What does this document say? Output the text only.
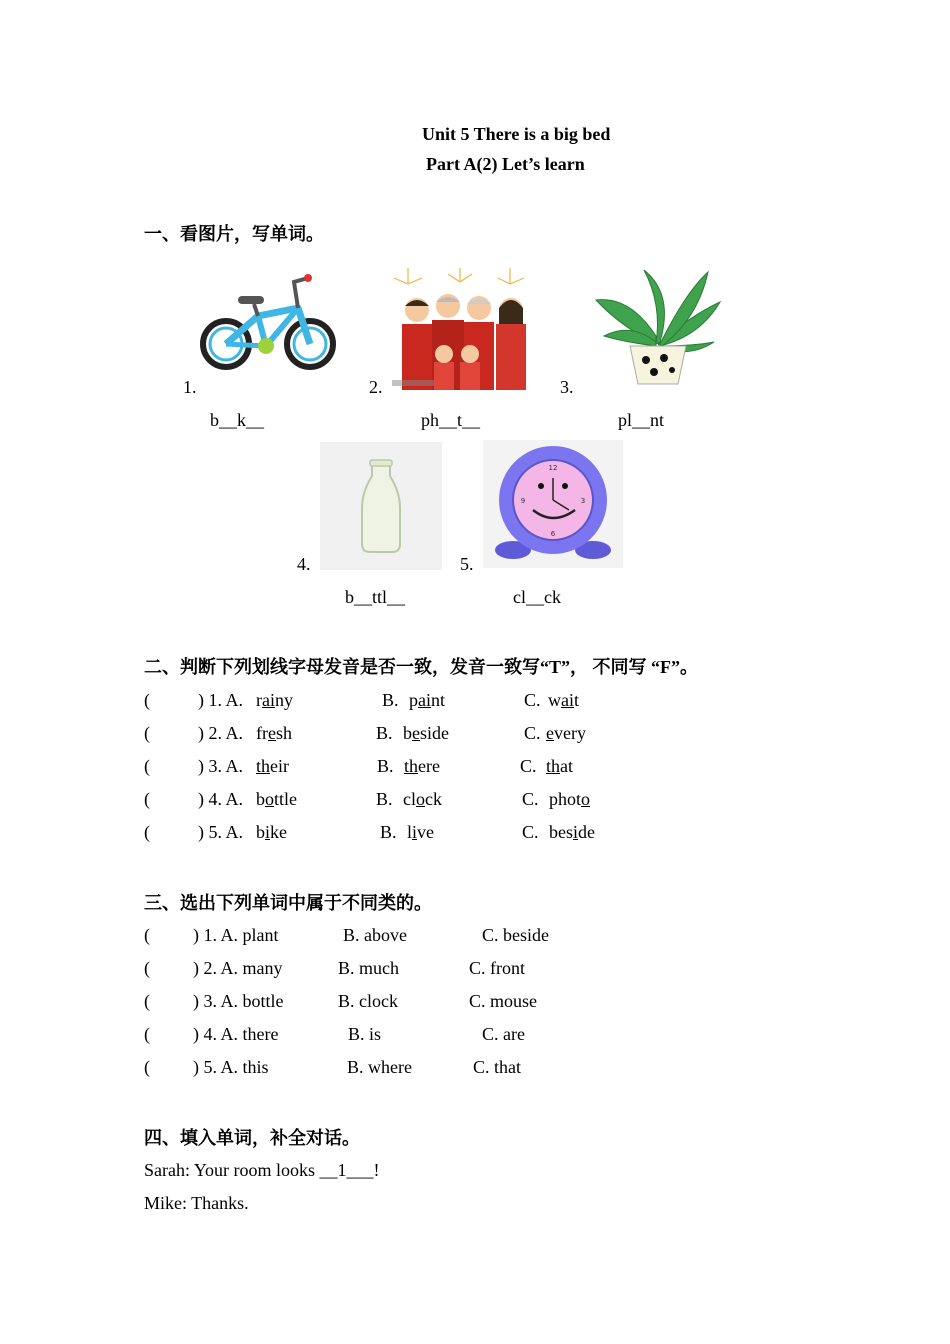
Unit 5 There is a big bed
Part A(2) Let’s learn
一、看图片，写单词。
1.
b__k__
2.
ph__t__
3.
pl__nt
4.
b__ttl__
12
3
6
9
5.
cl__ck
二、判断下列划线字母发音是否一致，发音一致写“T”， 不同写 “F”。
(	) 1. A. rainy	B. paint	C. wait
(	) 2. A. fresh	B. beside	C. every
(	) 3. A. their	B. there	C. that
(	) 4. A. bottle	B. clock	C. photo
(	) 5. A. bike	B. live	C. beside
三、选出下列单词中属于不同类的。
( ) 1. A. plant	B. above	C. beside
( ) 2. A. many	B. much	C. front
( ) 3. A. bottle	B. clock	C. mouse
( ) 4. A. there	B. is	C. are
( ) 5. A. this	B. where	C. that
四、填入单词，补全对话。
Sarah: Your room looks __1___!
Mike: Thanks.
